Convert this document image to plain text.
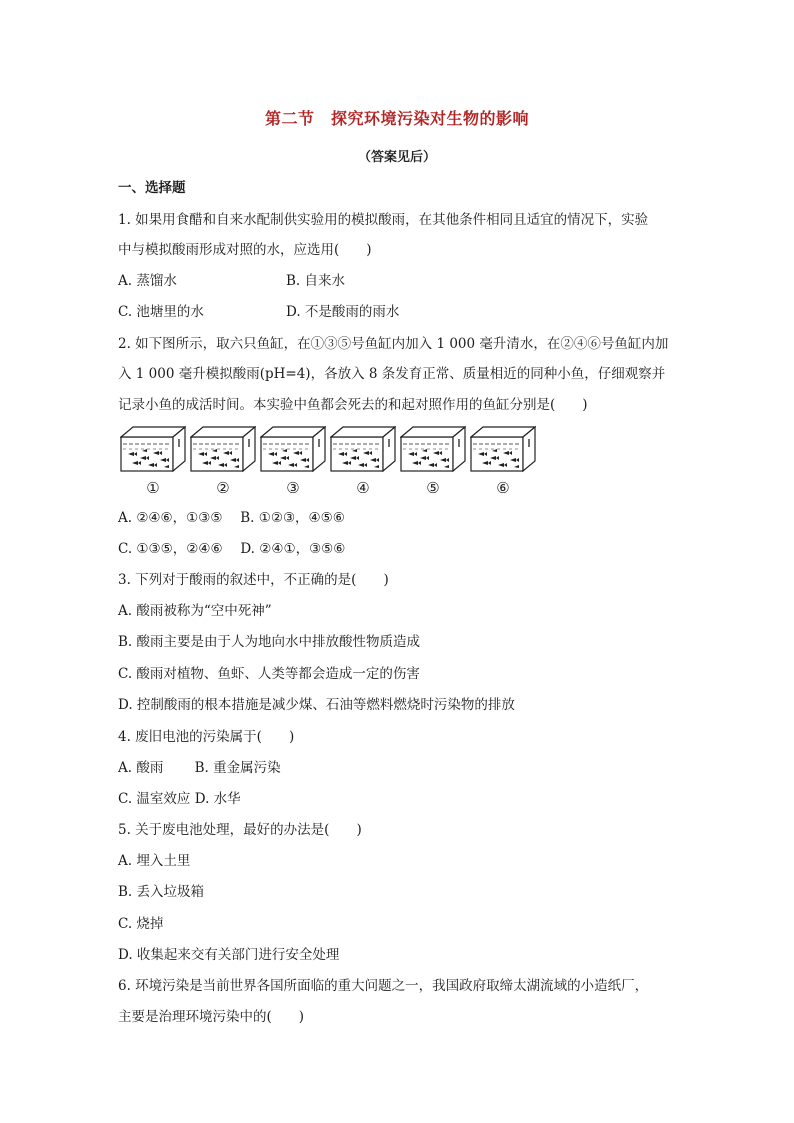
第二节　探究环境污染对生物的影响
（答案见后）
一、选择题
1. 如果用食醋和自来水配制供实验用的模拟酸雨，在其他条件相同且适宜的情况下，实验
中与模拟酸雨形成对照的水，应选用(　　)
A. 蒸馏水	B. 自来水
C. 池塘里的水	D. 不是酸雨的雨水
2. 如下图所示，取六只鱼缸，在①③⑤号鱼缸内加入 1 000 毫升清水，在②④⑥号鱼缸内加
入 1 000 毫升模拟酸雨(pH=4)，各放入 8 条发育正常、质量相近的同种小鱼，仔细观察并
记录小鱼的成活时间。本实验中鱼都会死去的和起对照作用的鱼缸分别是(　　)
①	②	③	④	⑤	⑥
A. ②④⑥，①③⑤　 B. ①②③，④⑤⑥
C. ①③⑤，②④⑥　 D. ②④①，③⑤⑥
3. 下列对于酸雨的叙述中，不正确的是(　　)
A. 酸雨被称为“空中死神”
B. 酸雨主要是由于人为地向水中排放酸性物质造成
C. 酸雨对植物、鱼虾、人类等都会造成一定的伤害
D. 控制酸雨的根本措施是减少煤、石油等燃料燃烧时污染物的排放
4. 废旧电池的污染属于(　　)
A. 酸雨　　 B. 重金属污染
C. 温室效应 D. 水华
5. 关于废电池处理，最好的办法是(　　)
A. 埋入土里
B. 丢入垃圾箱
C. 烧掉
D. 收集起来交有关部门进行安全处理
6. 环境污染是当前世界各国所面临的重大问题之一，我国政府取缔太湖流域的小造纸厂，
主要是治理环境污染中的(　　)
